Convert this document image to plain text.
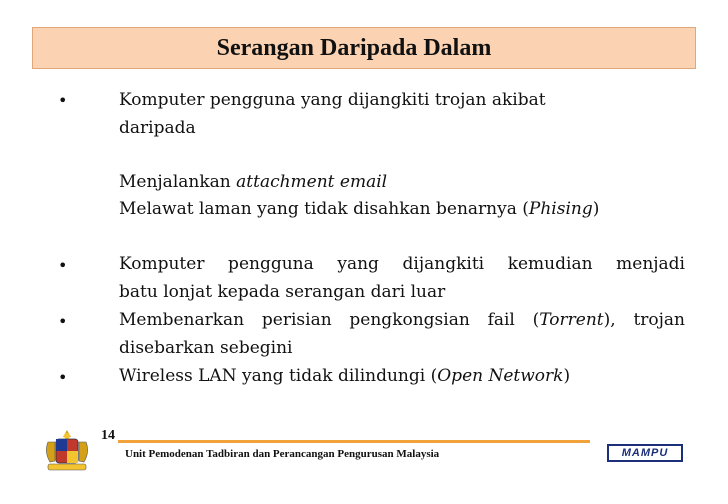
Serangan Daripada Dalam
•	Komputer pengguna yang dijangkiti trojan akibat
daripada
Menjalankan attachment email
Melawat laman yang tidak disahkan benarnya (Phising)
•	Komputer pengguna yang dijangkiti kemudian menjadi
batu lonjat kepada serangan dari luar
•	Membenarkan perisian pengkongsian fail (Torrent), trojan
disebarkan sebegini
•	Wireless LAN yang tidak dilindungi (Open Network)
14
Unit Pemodenan Tadbiran dan Perancangan Pengurusan Malaysia	MAMPU
